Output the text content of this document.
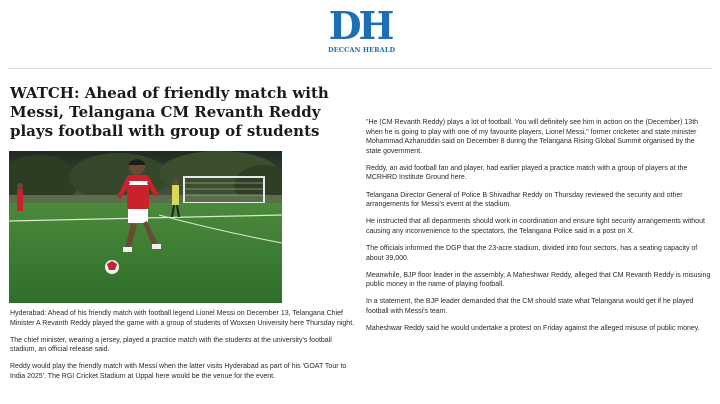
DH
DECCAN HERALD
WATCH: Ahead of friendly match with Messi, Telangana CM Revanth Reddy plays football with group of students

Hyderabad: Ahead of his friendly match with football legend Lionel Messi on December 13, Telangana Chief Minister A Revanth Reddy played the game with a group of students of Woxsen University here Thursday night.

The chief minister, wearing a jersey, played a practice match with the students at the university's football stadium, an official release said.

Reddy would play the friendly match with Messi when the latter visits Hyderabad as part of his 'GOAT Tour to India 2025'. The RGI Cricket Stadium at Uppal here would be the venue for the event.

"He (CM Revanth Reddy) plays a lot of football. You will definitely see him in action on the (December) 13th when he is going to play with one of my favourite players, Lionel Messi," former cricketer and state minister Mohammad Azharuddin said on December 8 during the Telangana Rising Global Summit organised by the state government.

Reddy, an avid football fan and player, had earlier played a practice match with a group of players at the MCRHRD Institute Ground here.

Telangana Director General of Police B Shivadhar Reddy on Thursday reviewed the security and other arrangements for Messi's event at the stadium.

He instructed that all departments should work in coordination and ensure tight security arrangements without causing any inconvenience to the spectators, the Telangana Police said in a post on X.

The officials informed the DGP that the 23-acre stadium, divided into four sectors, has a seating capacity of about 39,000.

Meanwhile, BJP floor leader in the assembly, A Maheshwar Reddy, alleged that CM Revanth Reddy is misusing public money in the name of playing football.

In a statement, the BJP leader demanded that the CM should state what Telangana would get if he played football with Messi's team.

Maheshwar Reddy said he would undertake a protest on Friday against the alleged misuse of public money.
